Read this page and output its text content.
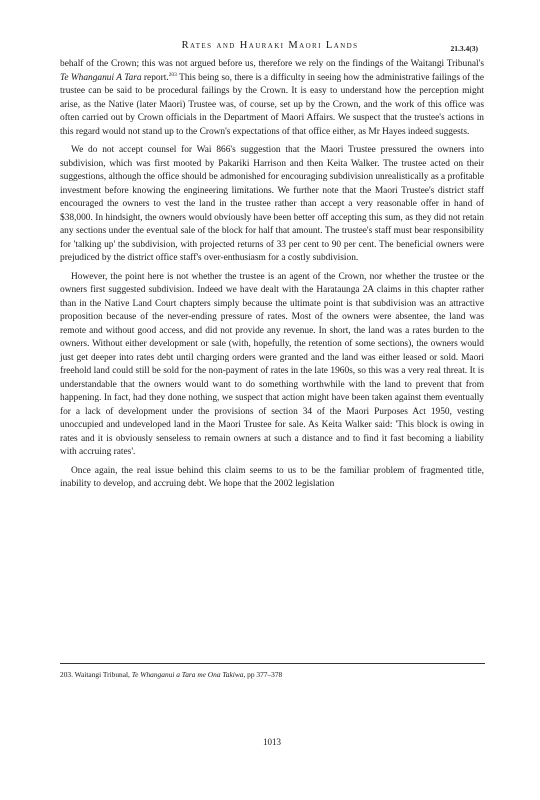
Rates and Hauraki Maori Lands	21.3.4(3)

behalf of the Crown; this was not argued before us, therefore we rely on the findings of the Waitangi Tribunal's Te Whanganui A Tara report.$^{203}$ This being so, there is a difficulty in seeing how the administrative failings of the trustee can be said to be procedural failings by the Crown. It is easy to understand how the perception might arise, as the Native (later Maori) Trustee was, of course, set up by the Crown, and the work of this office was often carried out by Crown officials in the Department of Maori Affairs. We suspect that the trustee's actions in this regard would not stand up to the Crown's expectations of that office either, as Mr Hayes indeed suggests.

We do not accept counsel for Wai 866's suggestion that the Maori Trustee pressured the owners into subdivision, which was first mooted by Pakariki Harrison and then Keita Walker. The trustee acted on their suggestions, although the office should be admonished for encouraging subdivision unrealistically as a profitable investment before knowing the engineering limitations. We further note that the Maori Trustee's district staff encouraged the owners to vest the land in the trustee rather than accept a very reasonable offer in hand of $38,000. In hindsight, the owners would obviously have been better off accepting this sum, as they did not retain any sections under the eventual sale of the block for half that amount. The trustee's staff must bear responsibility for 'talking up' the subdivision, with projected returns of 33 per cent to 90 per cent. The beneficial owners were prejudiced by the district office staff's over-enthusiasm for a costly subdivision.

However, the point here is not whether the trustee is an agent of the Crown, nor whether the trustee or the owners first suggested subdivision. Indeed we have dealt with the Harataunga 2A claims in this chapter rather than in the Native Land Court chapters simply because the ultimate point is that subdivision was an attractive proposition because of the never-ending pressure of rates. Most of the owners were absentee, the land was remote and without good access, and did not provide any revenue. In short, the land was a rates burden to the owners. Without either development or sale (with, hopefully, the retention of some sections), the owners would just get deeper into rates debt until charging orders were granted and the land was either leased or sold. Maori freehold land could still be sold for the non-payment of rates in the late 1960s, so this was a very real threat. It is understandable that the owners would want to do something worthwhile with the land to prevent that from happening. In fact, had they done nothing, we suspect that action might have been taken against them eventually for a lack of development under the provisions of section 34 of the Maori Purposes Act 1950, vesting unoccupied and undeveloped land in the Maori Trustee for sale. As Keita Walker said: 'This block is owing in rates and it is obviously senseless to remain owners at such a distance and to find it fast becoming a liability with accruing rates'.

Once again, the real issue behind this claim seems to us to be the familiar problem of fragmented title, inability to develop, and accruing debt. We hope that the 2002 legislation

203. Waitangi Tribunal, Te Whanganui a Tara me Ona Takiwa, pp 377–378
1013
